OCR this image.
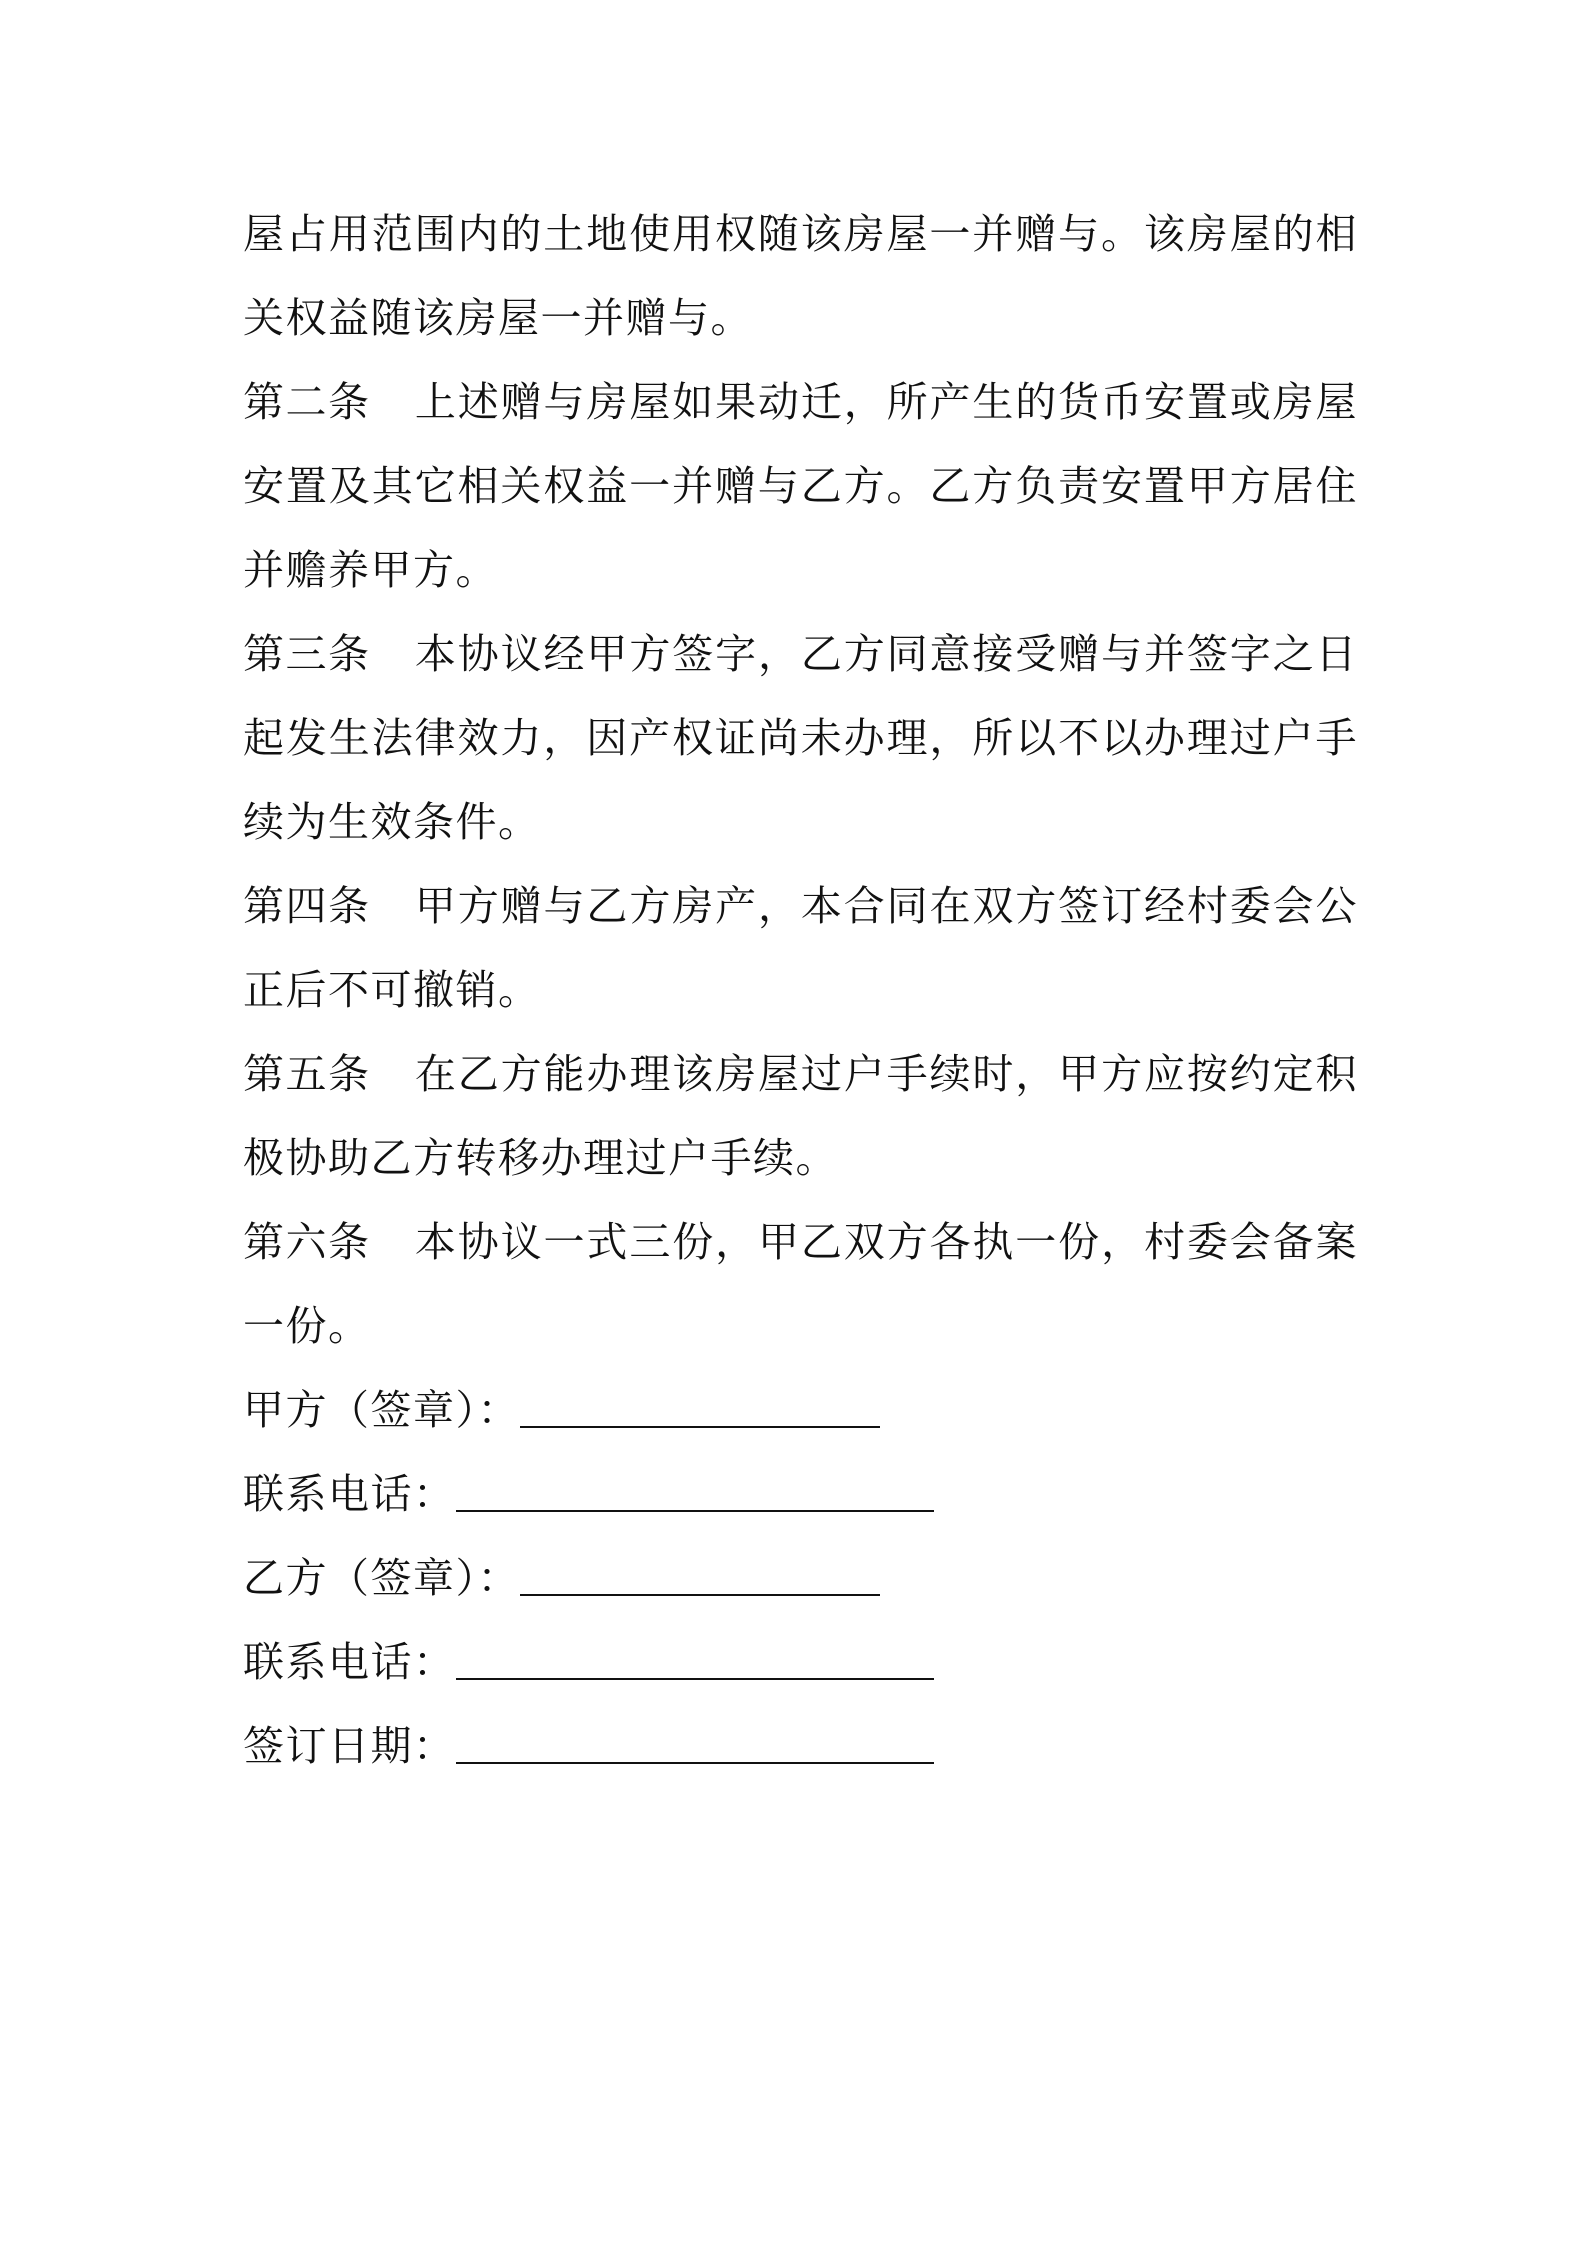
屋占用范围内的土地使用权随该房屋一并赠与。该房屋的相关权益随该房屋一并赠与。

第二条 上述赠与房屋如果动迁，所产生的货币安置或房屋安置及其它相关权益一并赠与乙方。乙方负责安置甲方居住并赡养甲方。

第三条 本协议经甲方签字，乙方同意接受赠与并签字之日起发生法律效力，因产权证尚未办理，所以不以办理过户手续为生效条件。

第四条 甲方赠与乙方房产，本合同在双方签订经村委会公正后不可撤销。

第五条 在乙方能办理该房屋过户手续时，甲方应按约定积极协助乙方转移办理过户手续。

第六条 本协议一式三份，甲乙双方各执一份，村委会备案一份。

甲方（签章）：

联系电话：

乙方（签章）：

联系电话：

签订日期：
